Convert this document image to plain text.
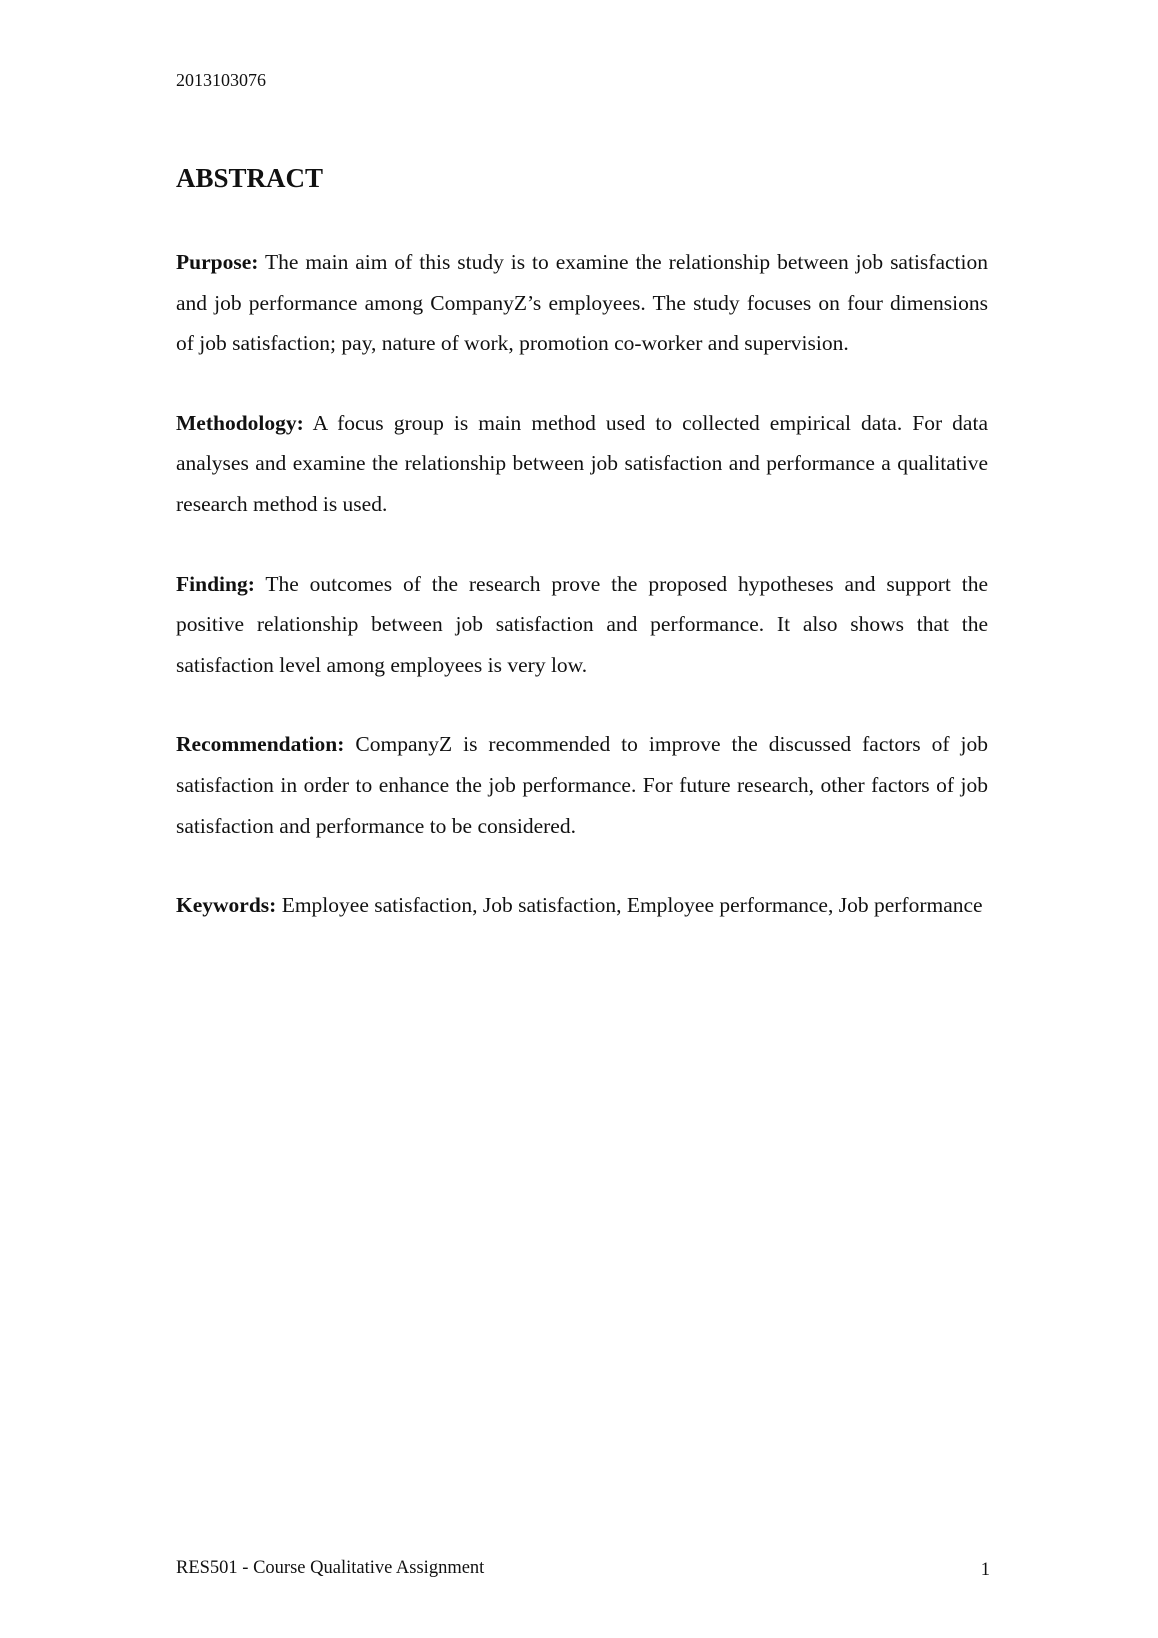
2013103076
ABSTRACT

Purpose: The main aim of this study is to examine the relationship between job satisfaction and job performance among CompanyZ’s employees. The study focuses on four dimensions of job satisfaction; pay, nature of work, promotion co-worker and supervision.

Methodology: A focus group is main method used to collected empirical data. For data analyses and examine the relationship between job satisfaction and performance a qualitative research method is used.

Finding: The outcomes of the research prove the proposed hypotheses and support the positive relationship between job satisfaction and performance. It also shows that the satisfaction level among employees is very low.

Recommendation: CompanyZ is recommended to improve the discussed factors of job satisfaction in order to enhance the job performance. For future research, other factors of job satisfaction and performance to be considered.

Keywords: Employee satisfaction, Job satisfaction, Employee performance, Job performance

RES501 - Course Qualitative Assignment	1
